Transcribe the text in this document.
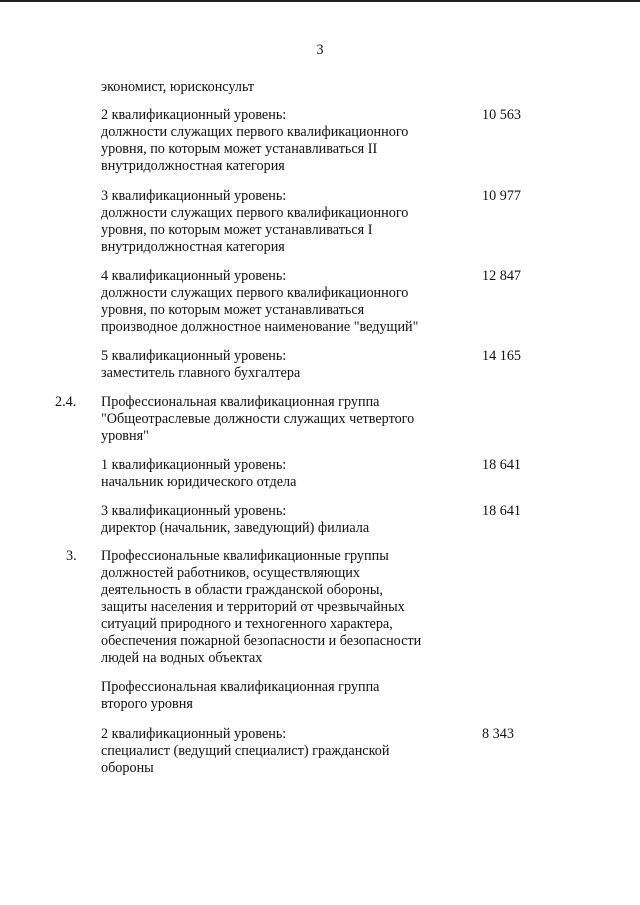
3
экономист, юрисконсульт
2 квалификационный уровень:
должности служащих первого квалификационного
уровня, по которым может устанавливаться II
внутридолжностная категория
10 563
3 квалификационный уровень:
должности служащих первого квалификационного
уровня, по которым может устанавливаться I
внутридолжностная категория
10 977
4 квалификационный уровень:
должности служащих первого квалификационного
уровня, по которым может устанавливаться
производное должностное наименование "ведущий"
12 847
5 квалификационный уровень:
заместитель главного бухгалтера
14 165
Профессиональная квалификационная группа
"Общеотраслевые должности служащих четвертого
уровня"
2.4.
1 квалификационный уровень:
начальник юридического отдела
18 641
3 квалификационный уровень:
директор (начальник, заведующий) филиала
18 641
Профессиональные квалификационные группы
должностей работников, осуществляющих
деятельность в области гражданской обороны,
защиты населения и территорий от чрезвычайных
ситуаций природного и техногенного характера,
обеспечения пожарной безопасности и безопасности
людей на водных объектах
3.
Профессиональная квалификационная группа
второго уровня
2 квалификационный уровень:
специалист (ведущий специалист) гражданской
обороны
8 343
